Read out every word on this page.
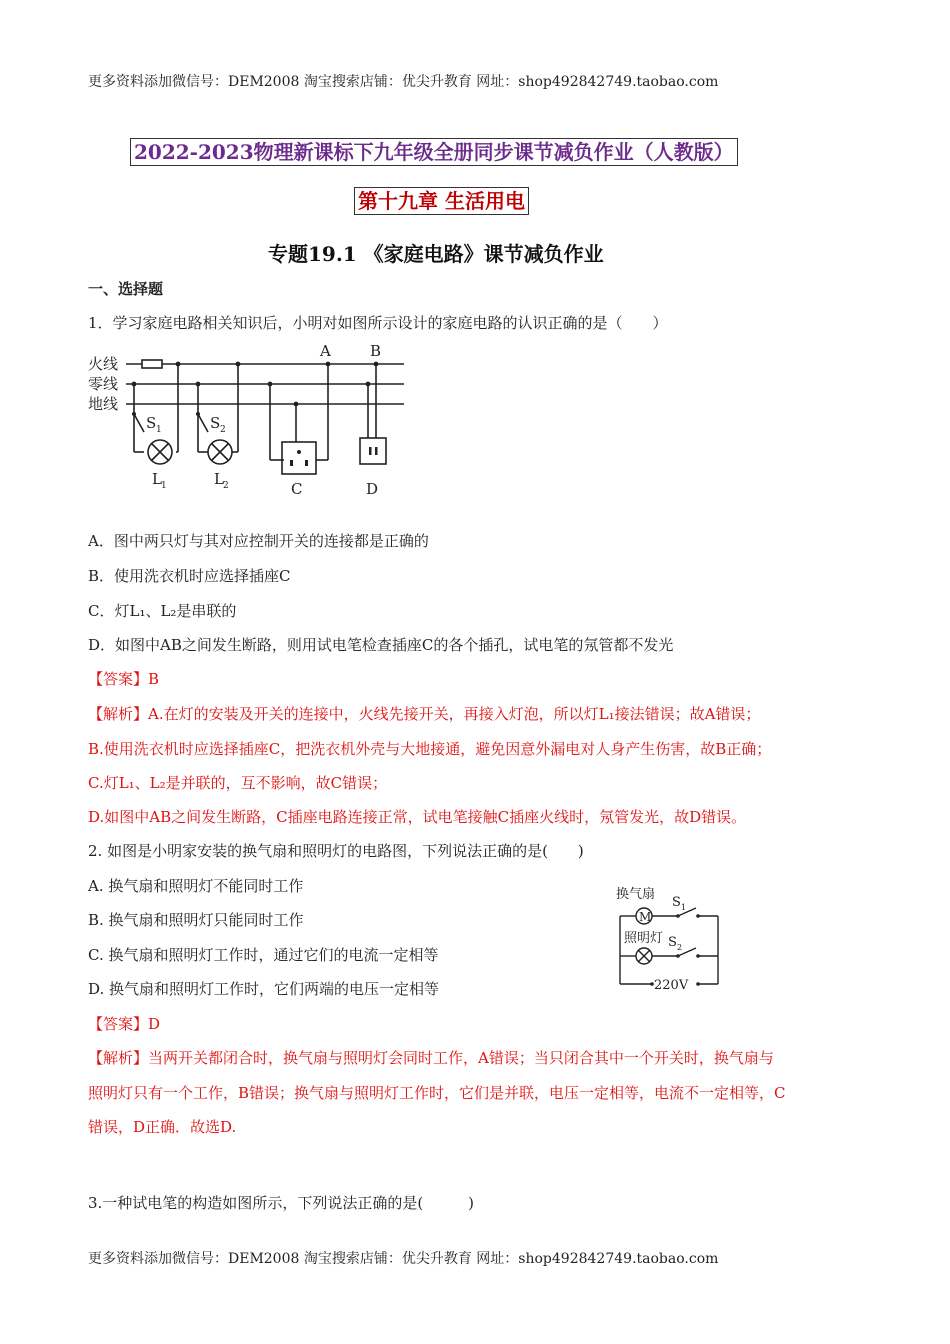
更多资料添加微信号：DEM2008 淘宝搜索店铺：优尖升教育 网址：shop492842749.taobao.com
2022-2023物理新课标下九年级全册同步课节减负作业（人教版）
第十九章 生活用电
专题19.1 《家庭电路》课节减负作业
一、选择题
1．学习家庭电路相关知识后，小明对如图所示设计的家庭电路的认识正确的是（　　）
火线
零线
地线
A	B
C	D
S 1	S 2
L 1	L 2
A．图中两只灯与其对应控制开关的连接都是正确的
B．使用洗衣机时应选择插座C
C．灯L₁、L₂是串联的
D．如图中AB之间发生断路，则用试电笔检查插座C的各个插孔，试电笔的氖管都不发光
【答案】B
【解析】A.在灯的安装及开关的连接中，火线先接开关，再接入灯泡，所以灯L₁接法错误；故A错误；
B.使用洗衣机时应选择插座C，把洗衣机外壳与大地接通，避免因意外漏电对人身产生伤害，故B正确；
C.灯L₁、L₂是并联的，互不影响，故C错误；
D.如图中AB之间发生断路，C插座电路连接正常，试电笔接触C插座火线时，氖管发光，故D错误。
2. 如图是小明家安装的换气扇和照明灯的电路图，下列说法正确的是(　　)
A. 换气扇和照明灯不能同时工作
B. 换气扇和照明灯只能同时工作
C. 换气扇和照明灯工作时，通过它们的电流一定相等
D. 换气扇和照明灯工作时，它们两端的电压一定相等
换气扇
M
S 1
照明灯 S 2
220V
【答案】D
【解析】当两开关都闭合时，换气扇与照明灯会同时工作，A错误；当只闭合其中一个开关时，换气扇与
照明灯只有一个工作，B错误；换气扇与照明灯工作时，它们是并联，电压一定相等，电流不一定相等，C
错误，D正确．故选D.
3.一种试电笔的构造如图所示，下列说法正确的是(　　　)
更多资料添加微信号：DEM2008 淘宝搜索店铺：优尖升教育 网址：shop492842749.taobao.com
